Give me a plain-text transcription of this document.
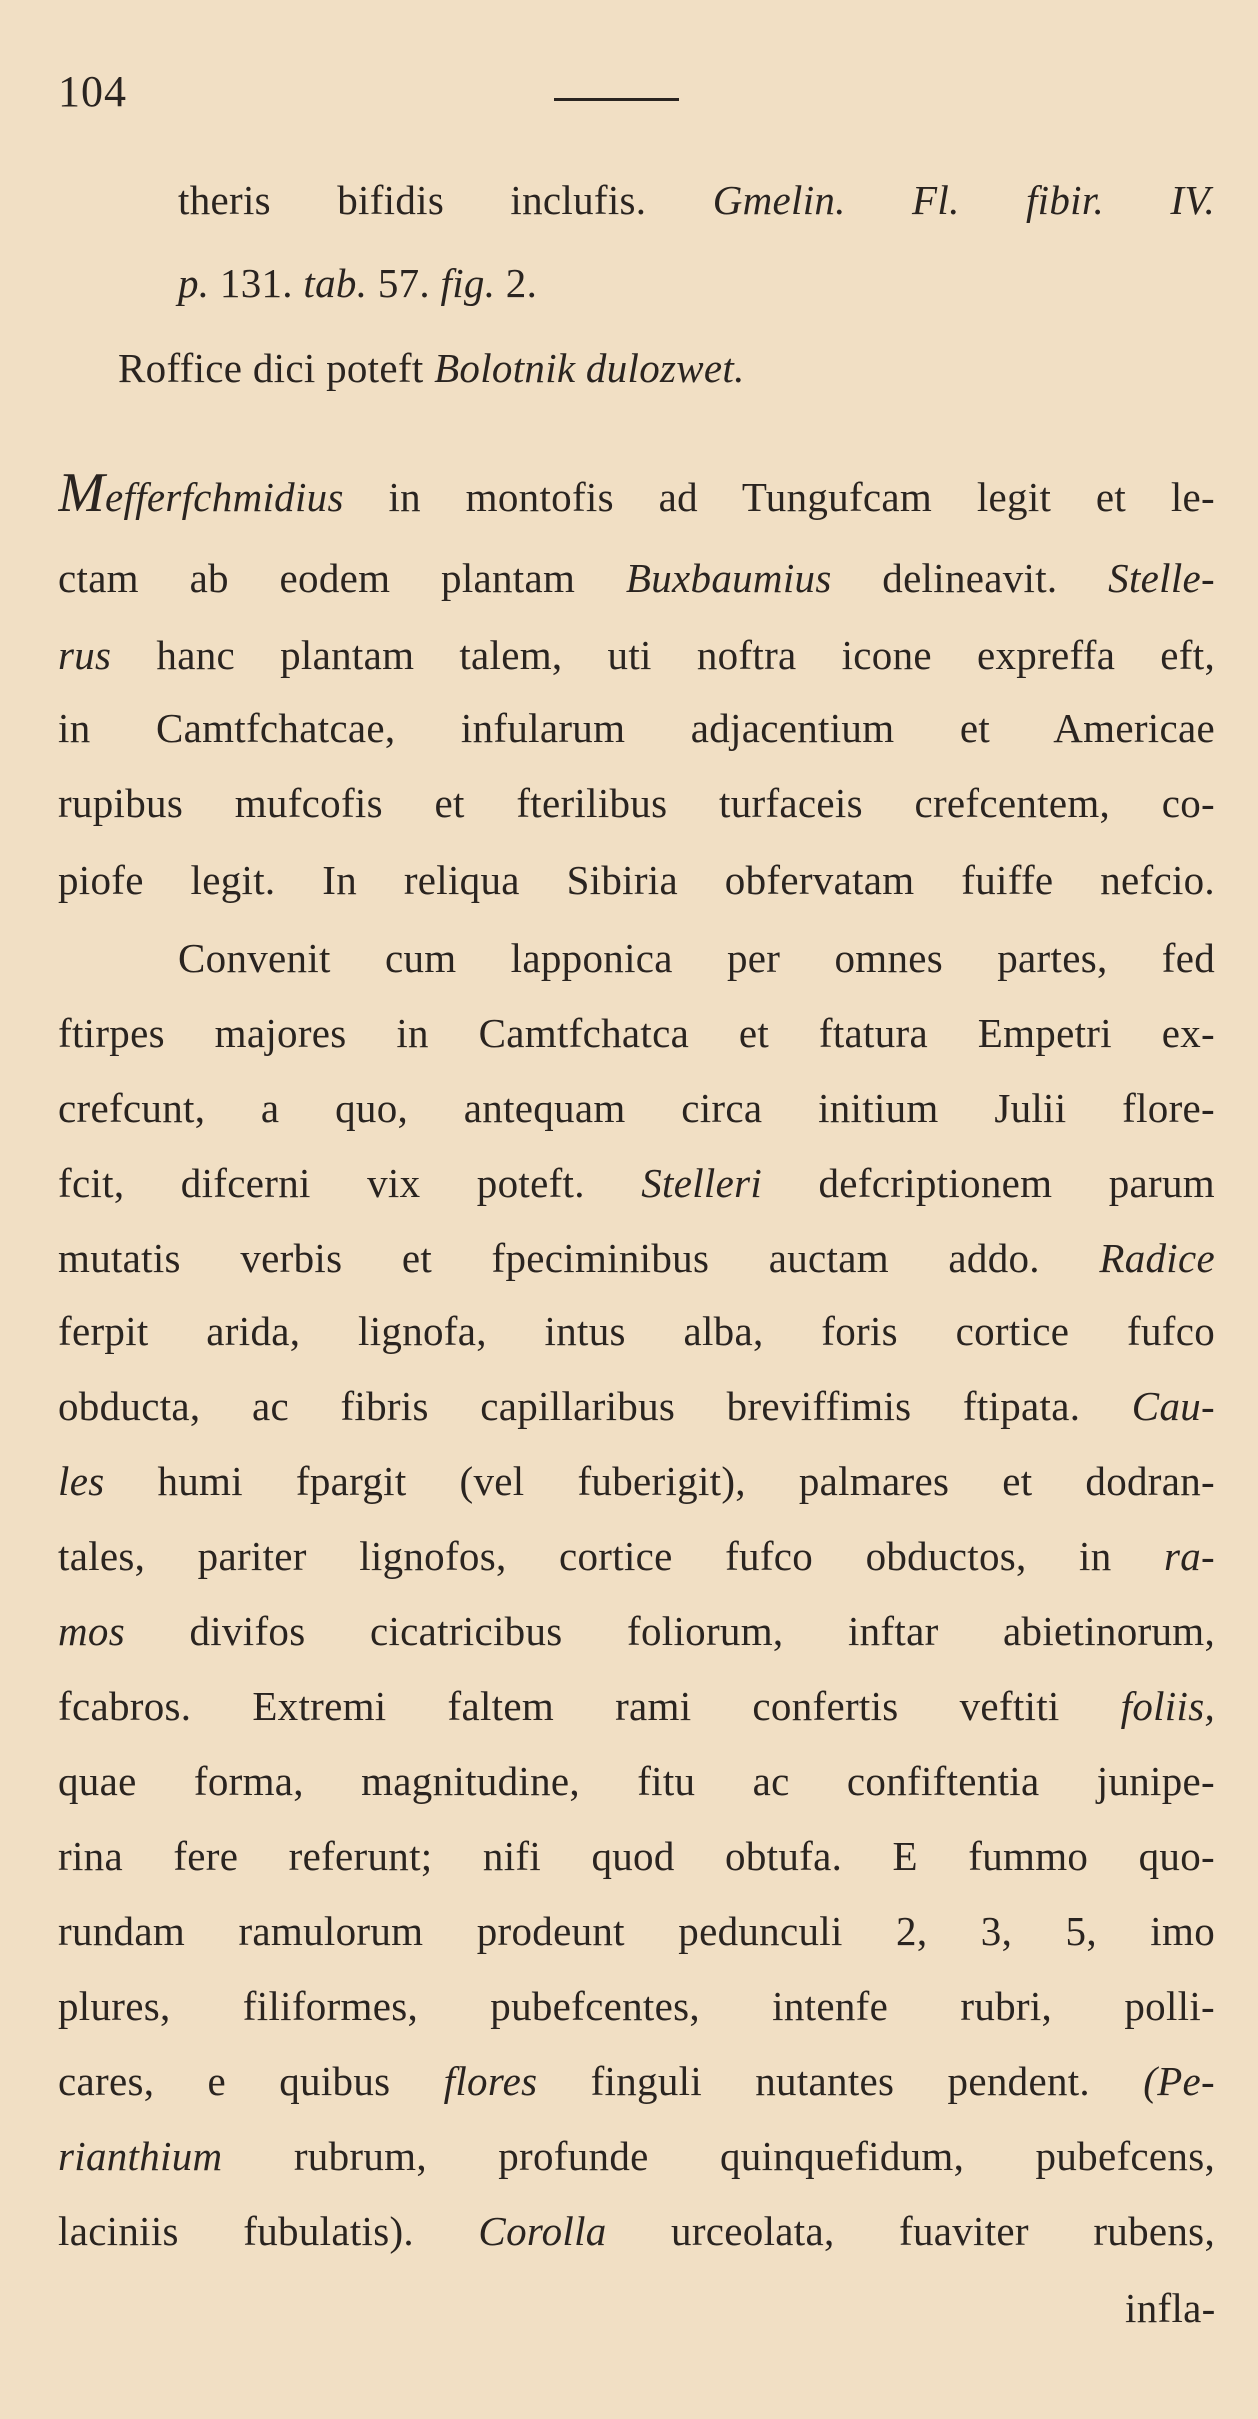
104
theris bifidis inclufis. Gmelin. Fl. fibir. IV.
p. 131. tab. 57. fig. 2.
Roffice dici poteft Bolotnik dulozwet.
Mefferfchmidius in montofis ad Tungufcam legit et le-
ctam ab eodem plantam Buxbaumius delineavit. Stelle-
rus hanc plantam talem, uti noftra icone expreffa eft,
in Camtfchatcae, infularum adjacentium et Americae
rupibus mufcofis et fterilibus turfaceis crefcentem, co-
piofe legit. In reliqua Sibiria obfervatam fuiffe nefcio.
Convenit cum lapponica per omnes partes, fed
ftirpes majores in Camtfchatca et ftatura Empetri ex-
crefcunt, a quo, antequam circa initium Julii flore-
fcit, difcerni vix poteft. Stelleri defcriptionem parum
mutatis verbis et fpeciminibus auctam addo. Radice
ferpit arida, lignofa, intus alba, foris cortice fufco
obducta, ac fibris capillaribus breviffimis ftipata. Cau-
les humi fpargit (vel fuberigit), palmares et dodran-
tales, pariter lignofos, cortice fufco obductos, in ra-
mos divifos cicatricibus foliorum, inftar abietinorum,
fcabros. Extremi faltem rami confertis veftiti foliis,
quae forma, magnitudine, fitu ac confiftentia junipe-
rina fere referunt; nifi quod obtufa. E fummo quo-
rundam ramulorum prodeunt pedunculi 2, 3, 5, imo
plures, filiformes, pubefcentes, intenfe rubri, polli-
cares, e quibus flores finguli nutantes pendent. (Pe-
rianthium rubrum, profunde quinquefidum, pubefcens,
laciniis fubulatis). Corolla urceolata, fuaviter rubens,
infla-
